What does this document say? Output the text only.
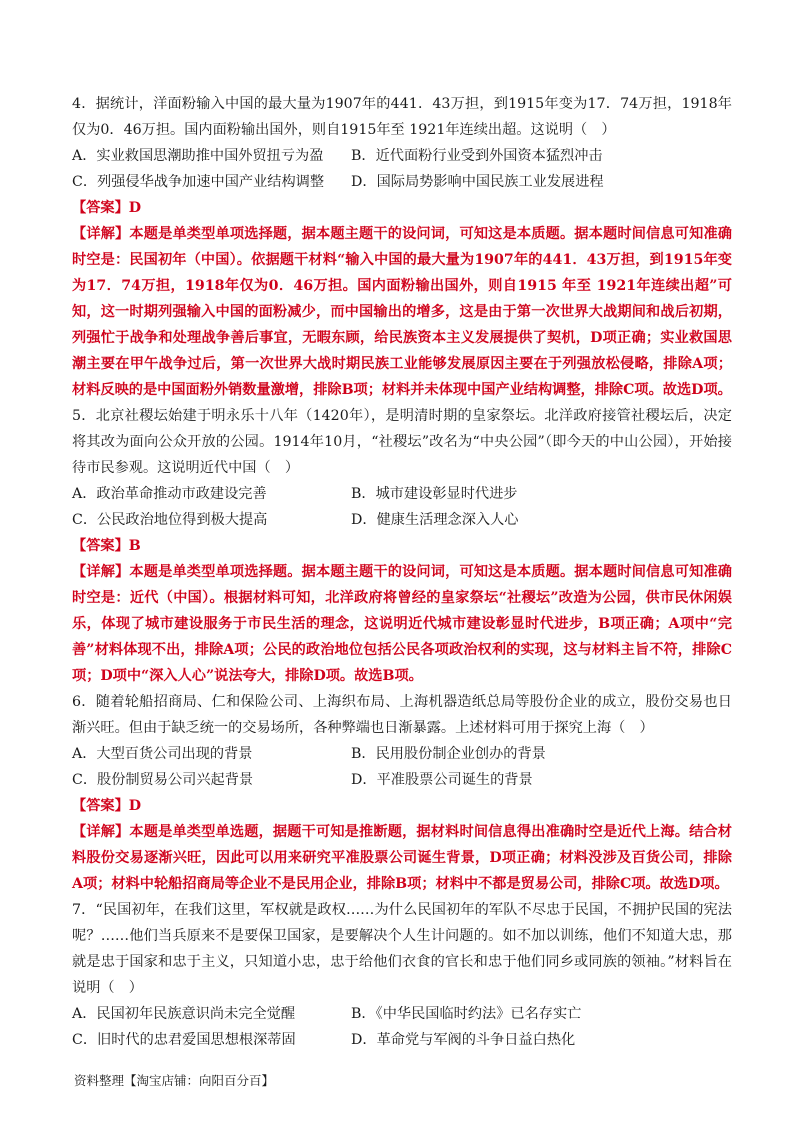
4．据统计，洋面粉输入中国的最大量为1907年的441．43万担，到1915年变为17．74万担，1918年仅为0．46万担。国内面粉输出国外，则自1915年至 1921年连续出超。这说明（　）

A．实业救国思潮助推中国外贸扭亏为盈	B．近代面粉行业受到外国资本猛烈冲击

C．列强侵华战争加速中国产业结构调整	D．国际局势影响中国民族工业发展进程

【答案】D

【详解】本题是单类型单项选择题，据本题主题干的设问词，可知这是本质题。据本题时间信息可知准确时空是：民国初年（中国）。依据题干材料“输入中国的最大量为1907年的441．43万担，到1915年变为17．74万担，1918年仅为0．46万担。国内面粉输出国外，则自1915 年至 1921年连续出超”可知，这一时期列强输入中国的面粉减少，而中国输出的增多，这是由于第一次世界大战期间和战后初期，列强忙于战争和处理战争善后事宜，无暇东顾，给民族资本主义发展提供了契机，D项正确；实业救国思潮主要在甲午战争过后，第一次世界大战时期民族工业能够发展原因主要在于列强放松侵略，排除A项；材料反映的是中国面粉外销数量激增，排除B项；材料并未体现中国产业结构调整，排除C项。故选D项。

5．北京社稷坛始建于明永乐十八年（1420年），是明清时期的皇家祭坛。北洋政府接管社稷坛后，决定将其改为面向公众开放的公园。1914年10月，“社稷坛”改名为“中央公园”（即今天的中山公园），开始接待市民参观。这说明近代中国（　）

A．政治革命推动市政建设完善	B．城市建设彰显时代进步

C．公民政治地位得到极大提高	D．健康生活理念深入人心

【答案】B

【详解】本题是单类型单项选择题。据本题主题干的设问词，可知这是本质题。据本题时间信息可知准确时空是：近代（中国）。根据材料可知，北洋政府将曾经的皇家祭坛“社稷坛”改造为公园，供市民休闲娱乐，体现了城市建设服务于市民生活的理念，这说明近代城市建设彰显时代进步，B项正确；A项中“完善”材料体现不出，排除A项；公民的政治地位包括公民各项政治权利的实现，这与材料主旨不符，排除C项；D项中“深入人心”说法夸大，排除D项。故选B项。

6．随着轮船招商局、仁和保险公司、上海织布局、上海机器造纸总局等股份企业的成立，股份交易也日渐兴旺。但由于缺乏统一的交易场所，各种弊端也日渐暴露。上述材料可用于探究上海（　）

A．大型百货公司出现的背景	B．民用股份制企业创办的背景

C．股份制贸易公司兴起背景	D．平准股票公司诞生的背景

【答案】D

【详解】本题是单类型单选题，据题干可知是推断题，据材料时间信息得出准确时空是近代上海。结合材料股份交易逐渐兴旺，因此可以用来研究平准股票公司诞生背景，D项正确；材料没涉及百货公司，排除A项；材料中轮船招商局等企业不是民用企业，排除B项；材料中不都是贸易公司，排除C项。故选D项。

7．“民国初年，在我们这里，军权就是政权……为什么民国初年的军队不尽忠于民国，不拥护民国的宪法呢？……他们当兵原来不是要保卫国家，是要解决个人生计问题的。如不加以训练，他们不知道大忠，那就是忠于国家和忠于主义，只知道小忠，忠于给他们衣食的官长和忠于他们同乡或同族的领袖。”材料旨在说明（　）

A．民国初年民族意识尚未完全觉醒	B．《中华民国临时约法》已名存实亡

C．旧时代的忠君爱国思想根深蒂固	D．革命党与军阀的斗争日益白热化

资料整理【淘宝店铺：向阳百分百】
